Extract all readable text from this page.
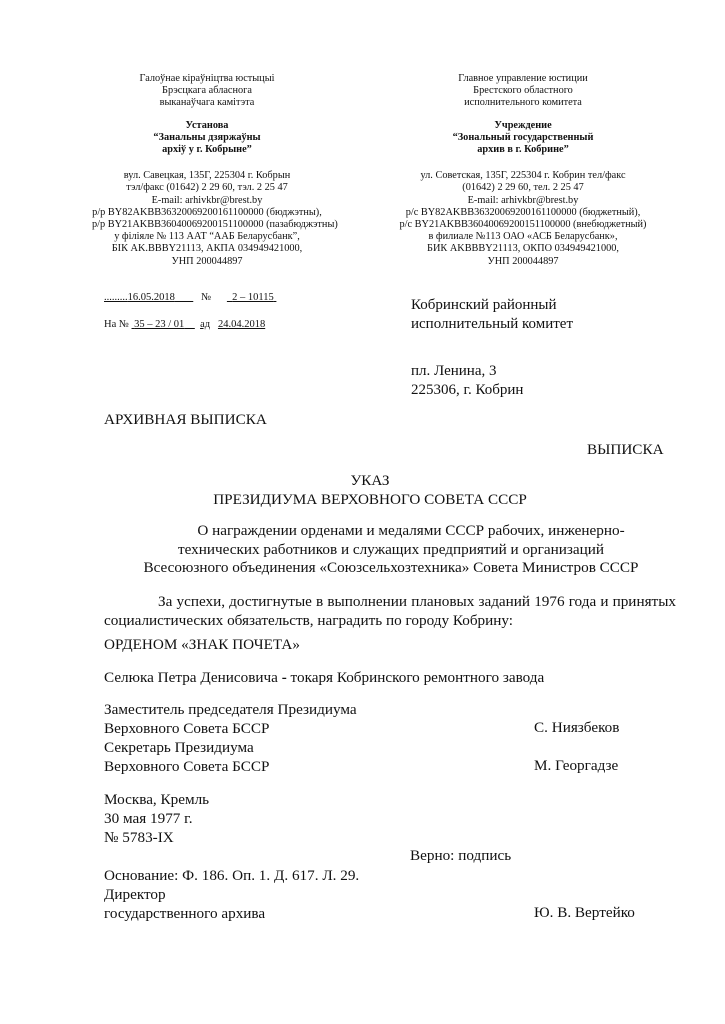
Галоўнае кіраўніцтва юстыцыі
Брэсцкага абласнога
выканаўчага камітэта
Установа
“Занальны дзяржаўны
архіў у г. Кобрыне”
вул. Савецкая, 135Г, 225304 г. Кобрын
тэл/факс (01642) 2 29 60, тэл. 2 25 47
E-mail: arhivkbr@brest.by
р/р BY82AKBB36320069200161100000 (бюджэтны),
р/р BY21AKBB36040069200151100000 (пазабюджэтны)
у філіяле № 113 ААТ “ААБ Беларусбанк”,
БІК AK.BBBY21113, АКПА 034949421000,
УНП 200044897
Главное управление юстиции
Брестского областного
исполнительного комитета
Учреждение
“Зональный государственный
архив в г. Кобрине”
ул. Советская, 135Г, 225304 г. Кобрин тел/факс
(01642) 2 29 60, тел. 2 25 47
E-mail: arhivkbr@brest.by
р/с BY82AKBB36320069200161100000 (бюджетный),
р/с BY21AKBB36040069200151100000 (внебюджетный)
в филиале №113 ОАО «АСБ Беларусбанк»,
БИК AKBBBY21113, ОКПО 034949421000,
УНП 200044897
.........16.05.2018	№ 2 – 10115
На № 35 – 23 / 01 ад 24.04.2018
Кобринский районный
исполнительный комитет
пл. Ленина, 3
225306, г. Кобрин
АРХИВНАЯ ВЫПИСКА
ВЫПИСКА
УКАЗ
ПРЕЗИДИУМА ВЕРХОВНОГО СОВЕТА СССР
О награждении орденами и медалями СССР рабочих, инженерно-
технических работников и служащих предприятий и организаций
Всесоюзного объединения «Союзсельхозтехника» Совета Министров СССР
За успехи, достигнутые в выполнении плановых заданий 1976 года и принятых социалистических обязательств, наградить по городу Кобрину:
ОРДЕНОМ «ЗНАК ПОЧЕТА»
Селюка Петра Денисовича - токаря Кобринского ремонтного завода
Заместитель председателя Президиума
Верховного Совета БССР
Секретарь Президиума
Верховного Совета БССР
С. Ниязбеков
М. Георгадзе
Москва, Кремль
30 мая 1977 г.
№ 5783-IX
Верно: подпись
Основание: Ф. 186. Оп. 1. Д. 617. Л. 29.
Директор
государственного архива	Ю. В. Вертейко
